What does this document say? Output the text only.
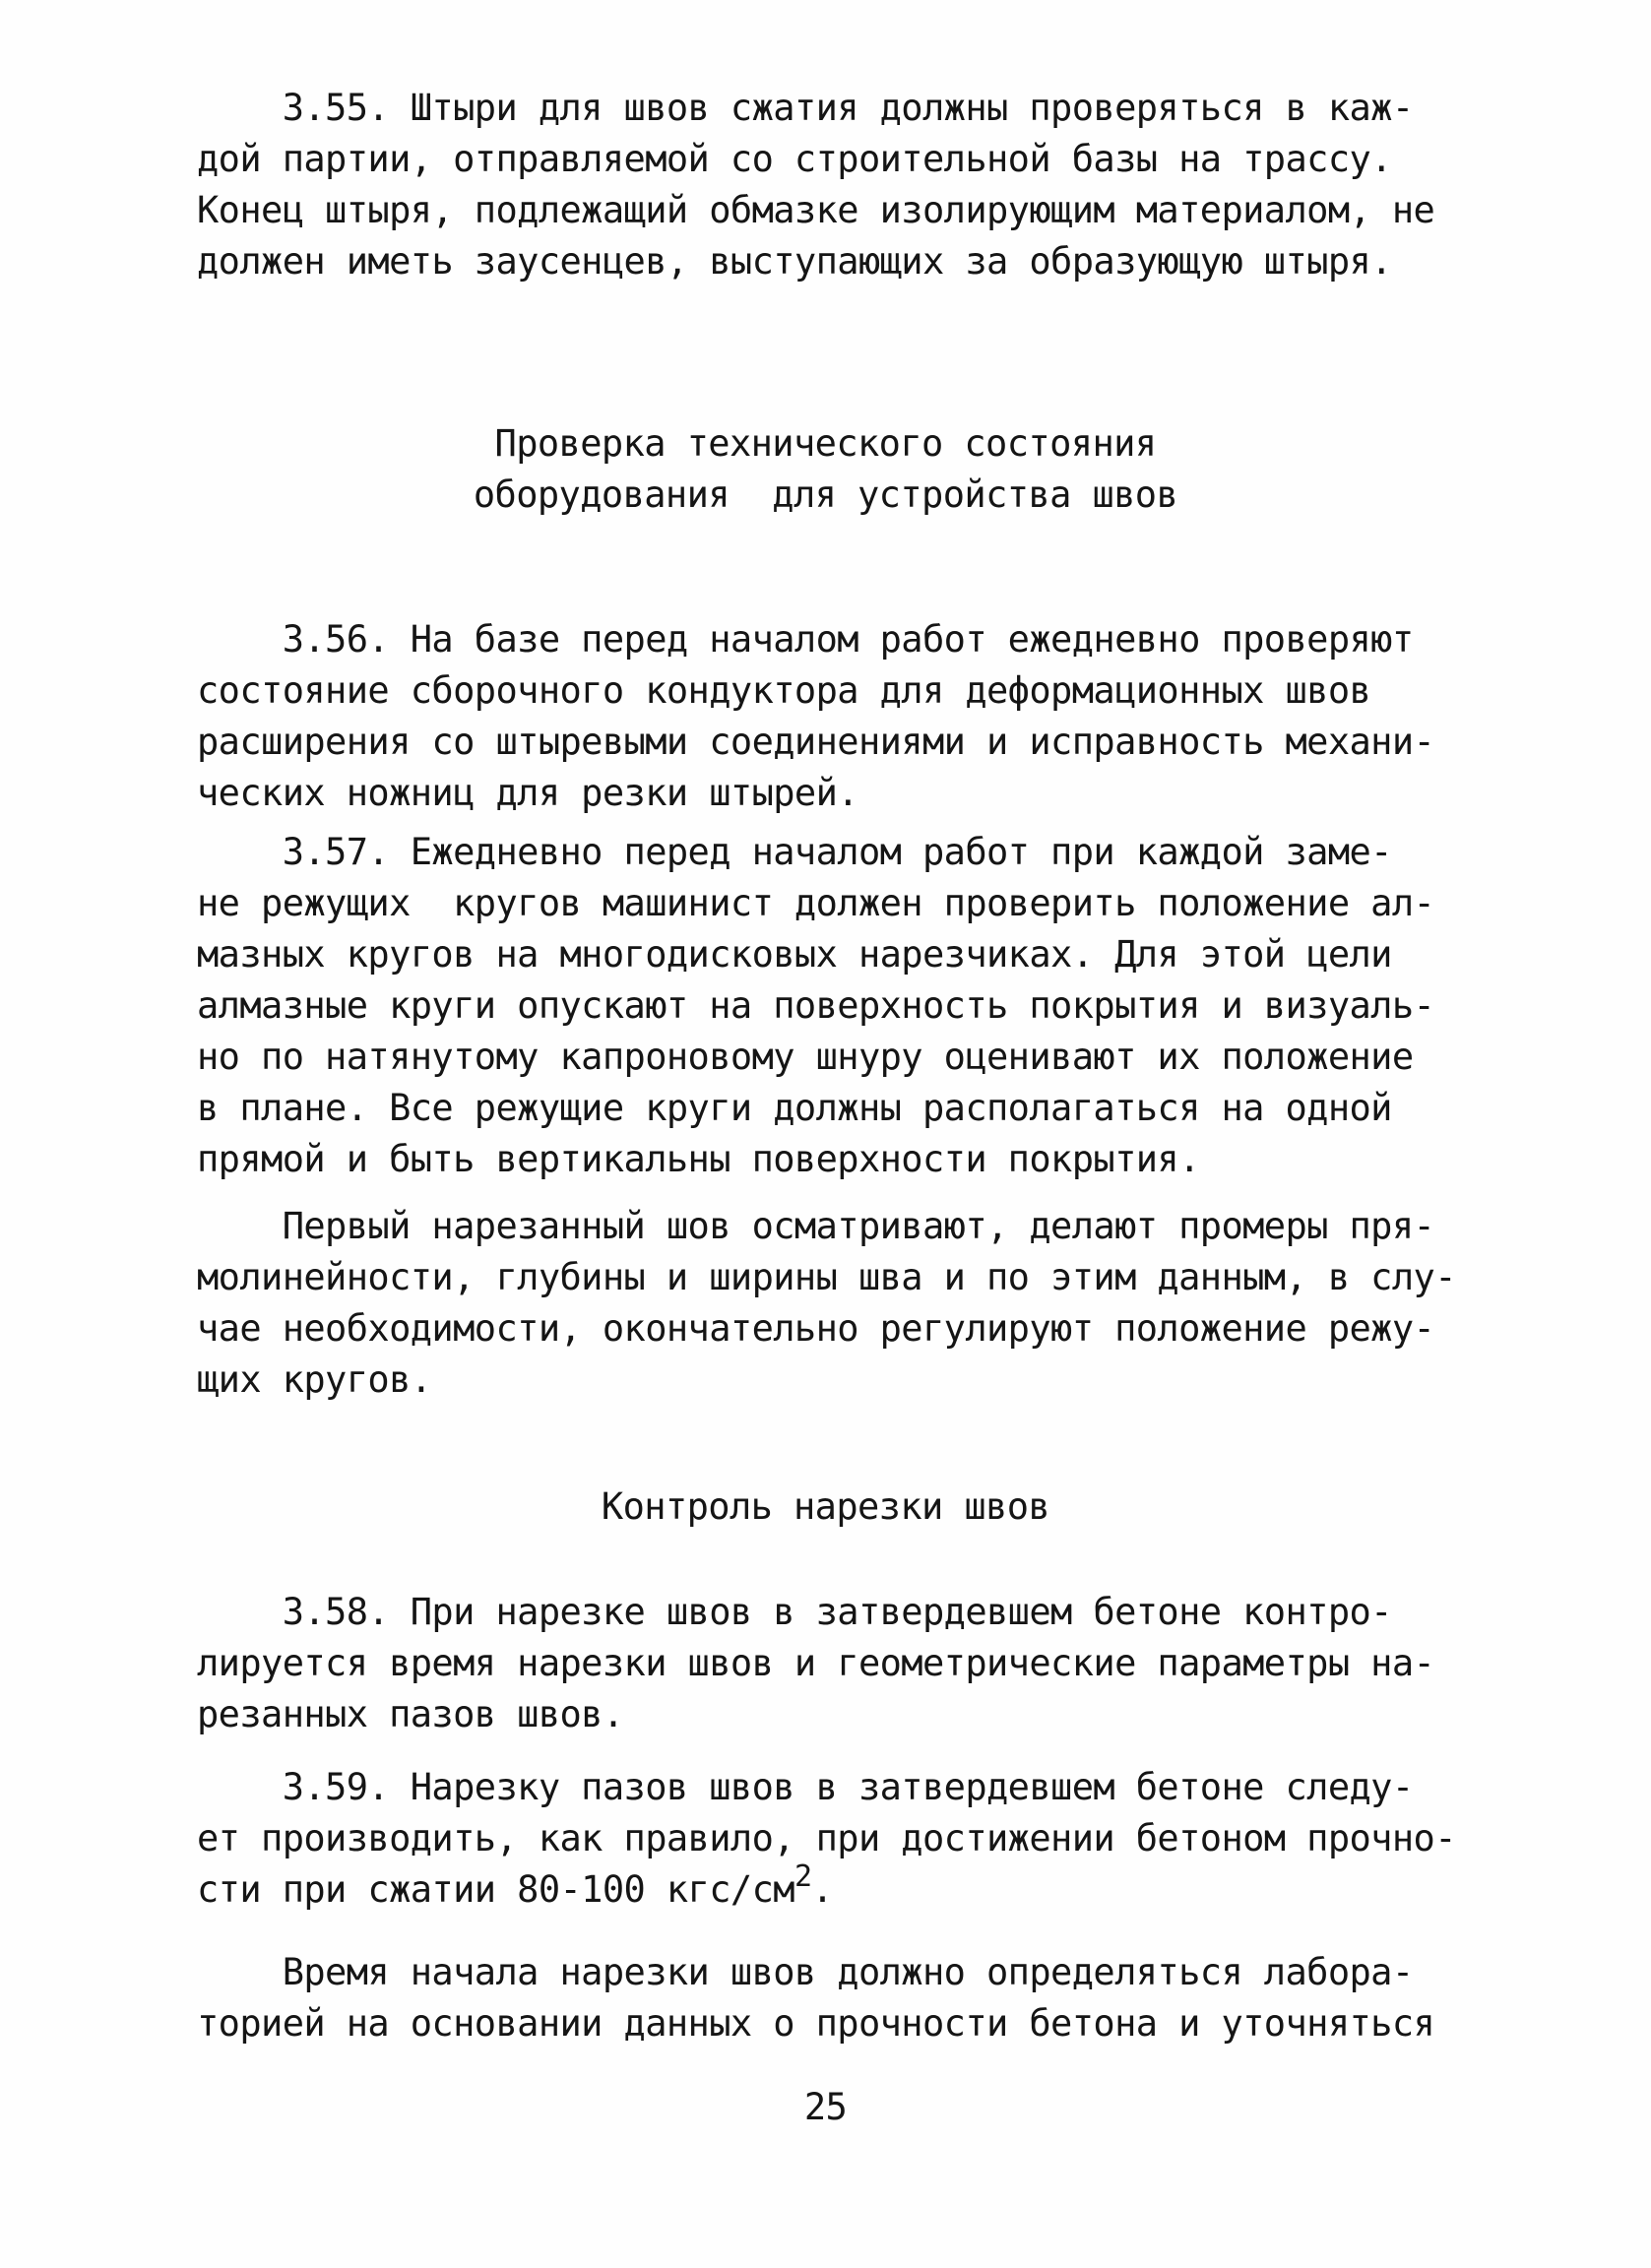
3.55. Штыри для швов сжатия должны проверяться в каж-
дой партии, отправляемой со строительной базы на трассу.
Конец штыря, подлежащий обмазке изолирующим материалом, не
должен иметь заусенцев, выступающих за образующую штыря.
Проверка технического состояния
оборудования  для устройства швов
3.56. На базе перед началом работ ежедневно проверяют
состояние сборочного кондуктора для деформационных швов
расширения со штыревыми соединениями и исправность механи-
ческих ножниц для резки штырей.
3.57. Ежедневно перед началом работ при каждой заме-
не режущих  кругов машинист должен проверить положение ал-
мазных кругов на многодисковых нарезчиках. Для этой цели
алмазные круги опускают на поверхность покрытия и визуаль-
но по натянутому капроновому шнуру оценивают их положение
в плане. Все режущие круги должны располагаться на одной
прямой и быть вертикальны поверхности покрытия.
Первый нарезанный шов осматривают, делают промеры пря-
молинейности, глубины и ширины шва и по этим данным, в слу-
чае необходимости, окончательно регулируют положение режу-
щих кругов.
Контроль нарезки швов
3.58. При нарезке швов в затвердевшем бетоне контро-
лируется время нарезки швов и геометрические параметры на-
резанных пазов швов.
3.59. Нарезку пазов швов в затвердевшем бетоне следу-
ет производить, как правило, при достижении бетоном прочно-
сти при сжатии 80-100 кгс/$см^2$.
Время начала нарезки швов должно определяться лабора-
торией на основании данных о прочности бетона и уточняться
25
